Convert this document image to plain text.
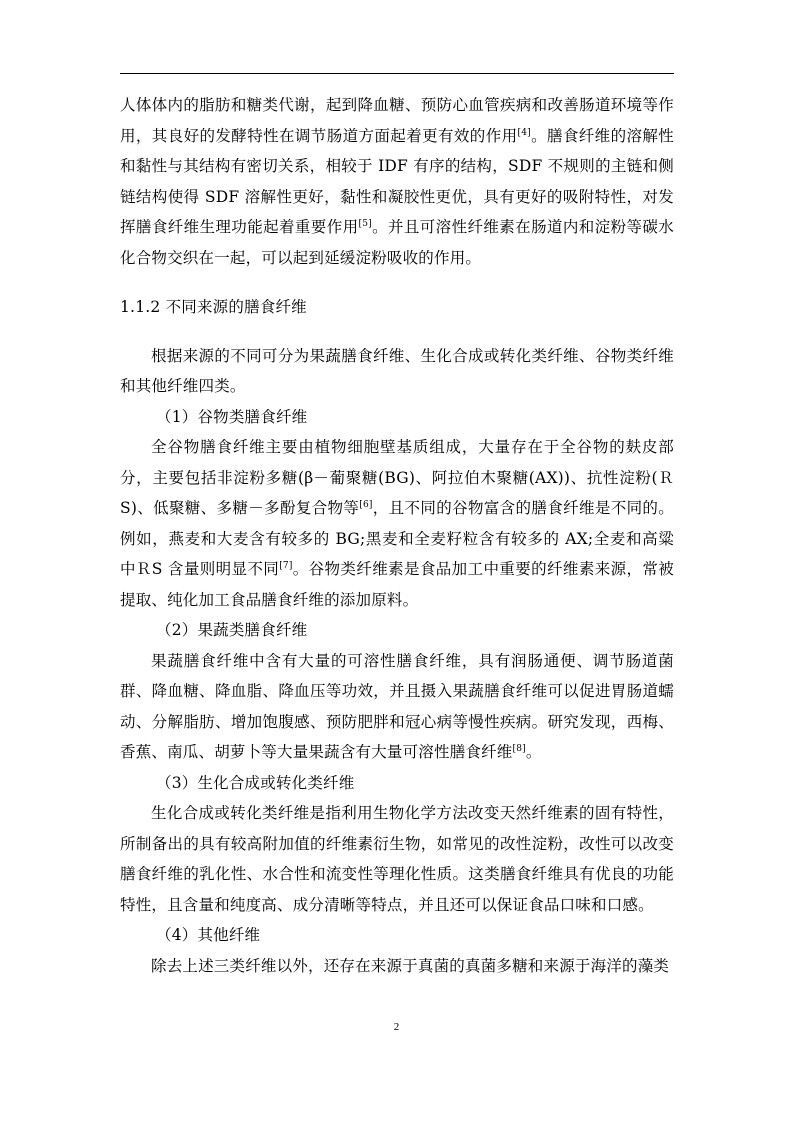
人体体内的脂肪和糖类代谢，起到降血糖、预防心血管疾病和改善肠道环境等作用，其良好的发酵特性在调节肠道方面起着更有效的作用[4]。膳食纤维的溶解性和黏性与其结构有密切关系，相较于 IDF 有序的结构，SDF 不规则的主链和侧链结构使得 SDF 溶解性更好，黏性和凝胶性更优，具有更好的吸附特性，对发挥膳食纤维生理功能起着重要作用[5]。并且可溶性纤维素在肠道内和淀粉等碳水化合物交织在一起，可以起到延缓淀粉吸收的作用。

1.1.2 不同来源的膳食纤维

根据来源的不同可分为果蔬膳食纤维、生化合成或转化类纤维、谷物类纤维和其他纤维四类。

（1）谷物类膳食纤维

全谷物膳食纤维主要由植物细胞壁基质组成，大量存在于全谷物的麸皮部分，主要包括非淀粉多糖(β－葡聚糖(BG)、阿拉伯木聚糖(AX))、抗性淀粉(ＲS)、低聚糖、多糖－多酚复合物等[6]，且不同的谷物富含的膳食纤维是不同的。例如，燕麦和大麦含有较多的 BG;黑麦和全麦籽粒含有较多的 AX;全麦和高粱中ＲS 含量则明显不同[7]。谷物类纤维素是食品加工中重要的纤维素来源，常被提取、纯化加工食品膳食纤维的添加原料。

（2）果蔬类膳食纤维

果蔬膳食纤维中含有大量的可溶性膳食纤维，具有润肠通便、调节肠道菌群、降血糖、降血脂、降血压等功效，并且摄入果蔬膳食纤维可以促进胃肠道蠕动、分解脂肪、增加饱腹感、预防肥胖和冠心病等慢性疾病。研究发现，西梅、香蕉、南瓜、胡萝卜等大量果蔬含有大量可溶性膳食纤维[8]。

（3）生化合成或转化类纤维

生化合成或转化类纤维是指利用生物化学方法改变天然纤维素的固有特性，所制备出的具有较高附加值的纤维素衍生物，如常见的改性淀粉，改性可以改变膳食纤维的乳化性、水合性和流变性等理化性质。这类膳食纤维具有优良的功能特性，且含量和纯度高、成分清晰等特点，并且还可以保证食品口味和口感。

（4）其他纤维

除去上述三类纤维以外，还存在来源于真菌的真菌多糖和来源于海洋的藻类

2
